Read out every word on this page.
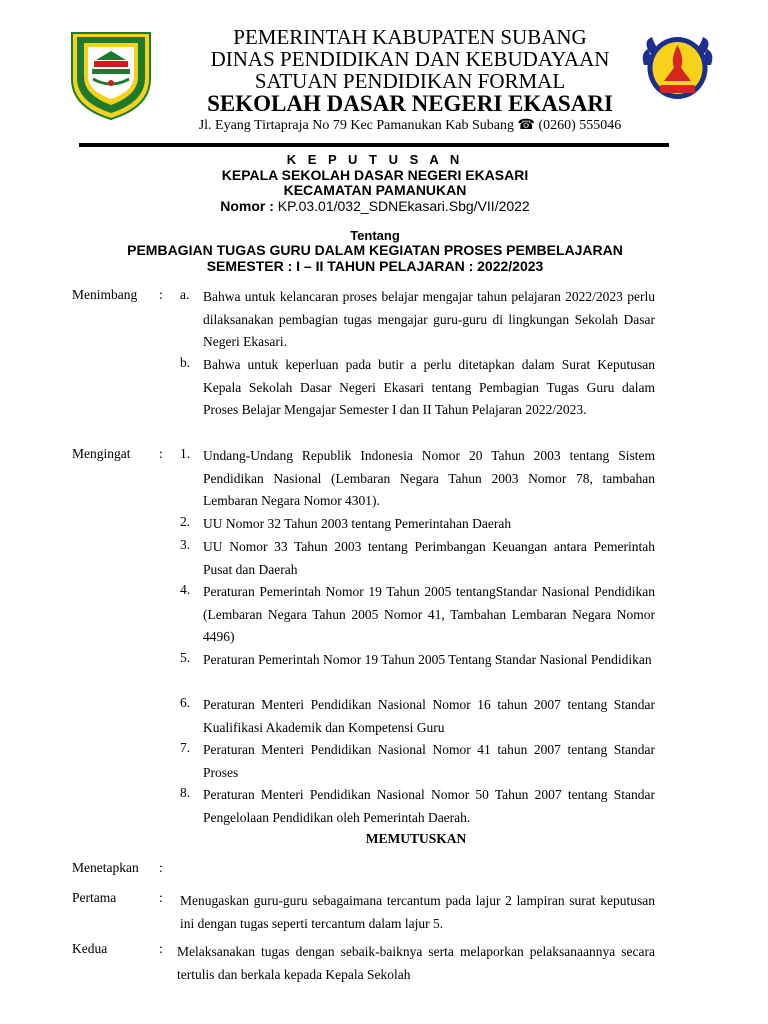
PEMERINTAH KABUPATEN SUBANG
DINAS PENDIDIKAN DAN KEBUDAYAAN
SATUAN PENDIDIKAN FORMAL
SEKOLAH DASAR NEGERI EKASARI
Jl. Eyang Tirtapraja No 79 Kec Pamanukan Kab Subang ☎ (0260) 555046
K E P U T U S A N
KEPALA SEKOLAH DASAR NEGERI EKASARI
KECAMATAN PAMANUKAN
Nomor : KP.03.01/032_SDNEkasari.Sbg/VII/2022
Tentang
PEMBAGIAN TUGAS GURU DALAM KEGIATAN PROSES PEMBELAJARAN
SEMESTER : I – II TAHUN PELAJARAN : 2022/2023
Menimbang : a. Bahwa untuk kelancaran proses belajar mengajar tahun pelajaran 2022/2023 perlu dilaksanakan pembagian tugas mengajar guru-guru di lingkungan Sekolah Dasar Negeri Ekasari.
b. Bahwa untuk keperluan pada butir a perlu ditetapkan dalam Surat Keputusan Kepala Sekolah Dasar Negeri Ekasari tentang Pembagian Tugas Guru dalam Proses Belajar Mengajar Semester I dan II Tahun Pelajaran 2022/2023.
Mengingat : 1. Undang-Undang Republik Indonesia Nomor 20 Tahun 2003 tentang Sistem Pendidikan Nasional (Lembaran Negara Tahun 2003 Nomor 78, tambahan Lembaran Negara Nomor 4301).
2. UU Nomor 32 Tahun 2003 tentang Pemerintahan Daerah
3. UU Nomor 33 Tahun 2003 tentang Perimbangan Keuangan antara Pemerintah Pusat dan Daerah
4. Peraturan Pemerintah Nomor 19 Tahun 2005 tentangStandar Nasional Pendidikan (Lembaran Negara Tahun 2005 Nomor 41, Tambahan Lembaran Negara Nomor 4496)
5. Peraturan Pemerintah Nomor 19 Tahun 2005 Tentang Standar Nasional Pendidikan
6. Peraturan Menteri Pendidikan Nasional Nomor 16 tahun 2007 tentang Standar Kualifikasi Akademik dan Kompetensi Guru
7. Peraturan Menteri Pendidikan Nasional Nomor 41 tahun 2007 tentang Standar Proses
8. Peraturan Menteri Pendidikan Nasional Nomor 50 Tahun 2007 tentang Standar Pengelolaan Pendidikan oleh Pemerintah Daerah.
MEMUTUSKAN
Menetapkan :
Pertama	: Menugaskan guru-guru sebagaimana tercantum pada lajur 2 lampiran surat keputusan ini dengan tugas seperti tercantum dalam lajur 5.
Kedua	: Melaksanakan tugas dengan sebaik-baiknya serta melaporkan pelaksanaannya secara tertulis dan berkala kepada Kepala Sekolah
